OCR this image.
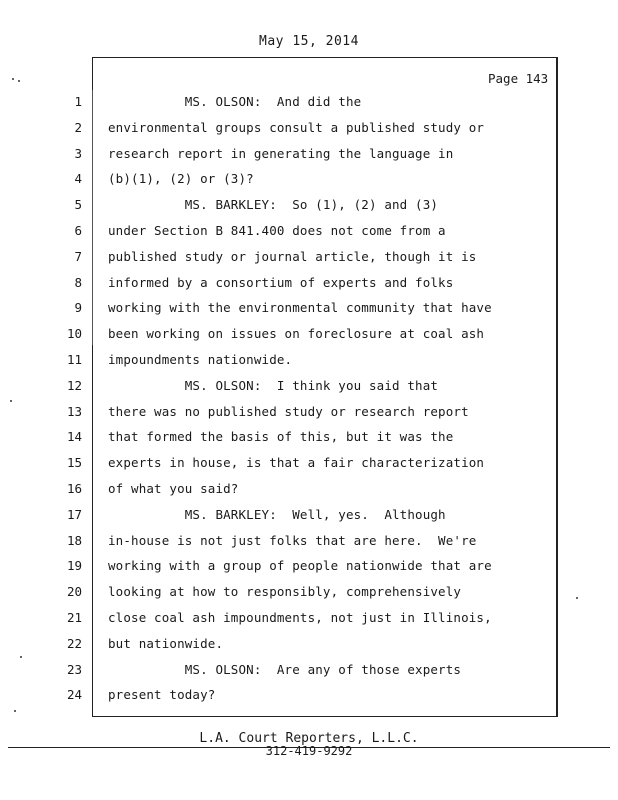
May 15, 2014
Page 143
1 MS. OLSON:  And did the
2 environmental groups consult a published study or
3 research report in generating the language in
4 (b)(1), (2) or (3)?
5 MS. BARKLEY:  So (1), (2) and (3)
6 under Section B 841.400 does not come from a
7 published study or journal article, though it is
8 informed by a consortium of experts and folks
9 working with the environmental community that have
10 been working on issues on foreclosure at coal ash
11 impoundments nationwide.
12 MS. OLSON:  I think you said that
13 there was no published study or research report
14 that formed the basis of this, but it was the
15 experts in house, is that a fair characterization
16 of what you said?
17 MS. BARKLEY:  Well, yes.  Although
18 in-house is not just folks that are here.  We're
19 working with a group of people nationwide that are
20 looking at how to responsibly, comprehensively
21 close coal ash impoundments, not just in Illinois,
22 but nationwide.
23 MS. OLSON:  Are any of those experts
24 present today?
L.A. Court Reporters, L.L.C.
312-419-9292
